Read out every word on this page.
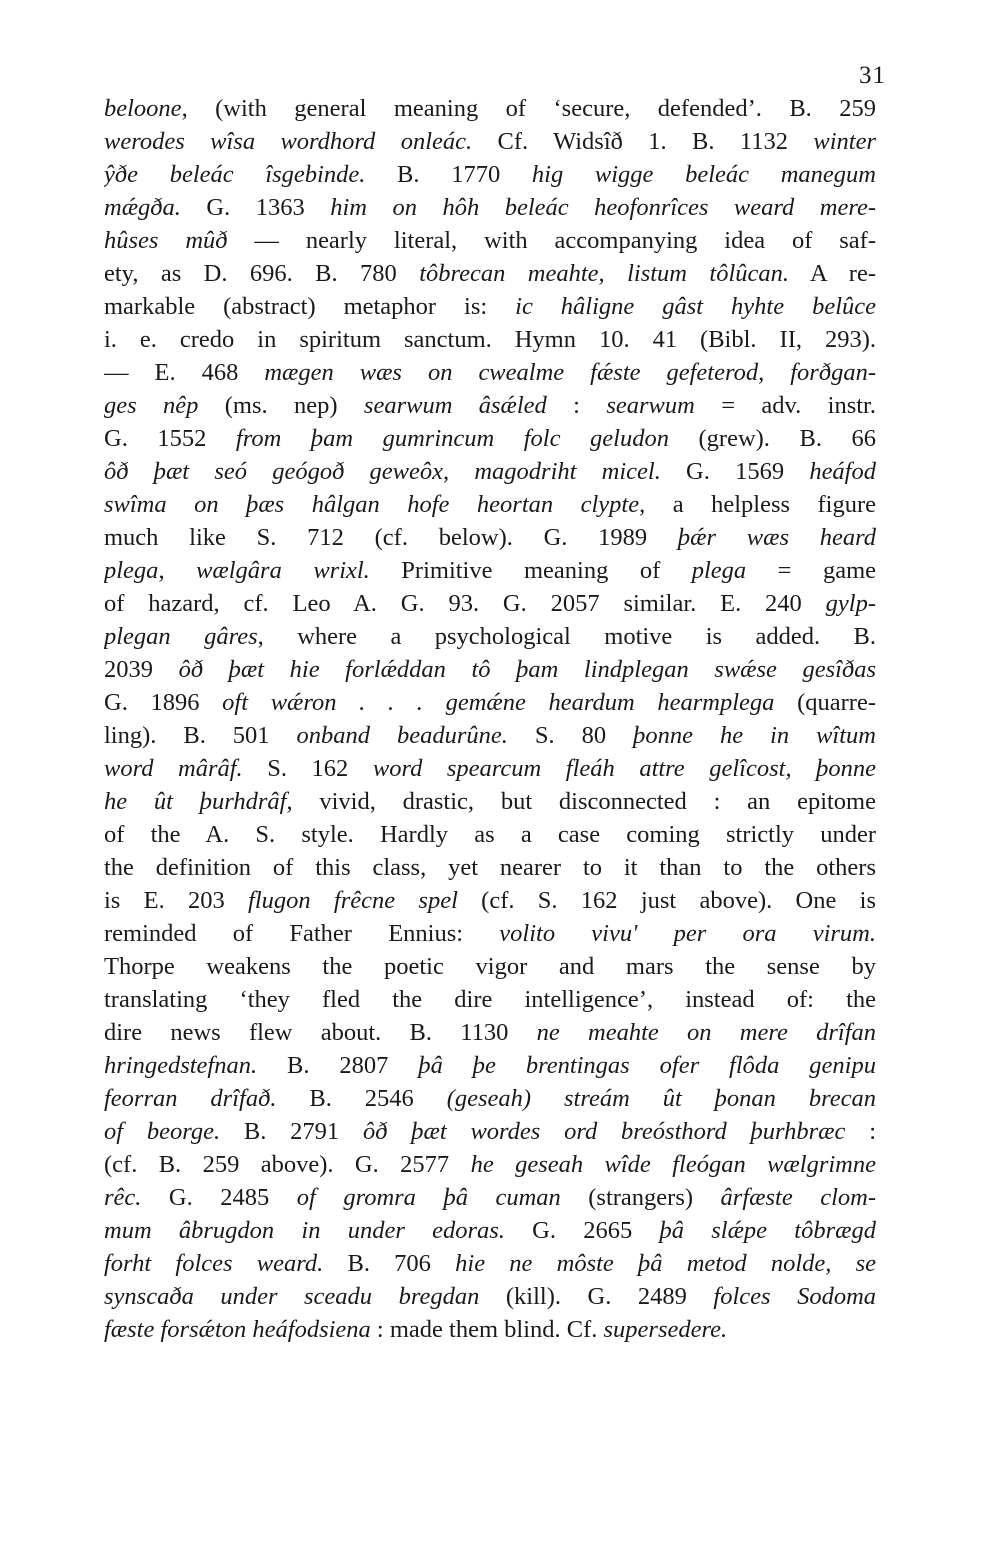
31
beloone, (with general meaning of ‘secure, defended’. B. 259
werodes wîsa wordhord onleác. Cf. Widsîð 1. B. 1132 winter
ŷðe beleác îsgebinde. B. 1770 hig wigge beleác manegum
mǽgða. G. 1363 him on hôh beleác heofonrîces weard mere-
hûses mûð — nearly literal, with accompanying idea of saf-
ety, as D. 696. B. 780 tôbrecan meahte, listum tôlûcan. A re-
markable (abstract) metaphor is: ic hâligne gâst hyhte belûce
i. e. credo in spiritum sanctum. Hymn 10. 41 (Bibl. II, 293).
— E. 468 mægen wæs on cwealme fǽste gefeterod, forðgan-
ges nêp (ms. nep) searwum âsǽled : searwum = adv. instr.
G. 1552 from þam gumrincum folc geludon (grew). B. 66
ôð þæt seó geógoð geweôx, magodriht micel. G. 1569 heáfod
swîma on þæs hâlgan hofe heortan clypte, a helpless figure
much like S. 712 (cf. below). G. 1989 þǽr wæs heard
plega, wælgâra wrixl. Primitive meaning of plega = game
of hazard, cf. Leo A. G. 93. G. 2057 similar. E. 240 gylp-
plegan gâres, where a psychological motive is added. B.
2039 ôð þæt hie forlǽddan tô þam lindplegan swǽse gesîðas
G. 1896 oft wǽron . . . gemǽne heardum hearmplega (quarre-
ling). B. 501 onband beadurûne. S. 80 þonne he in wîtum
word mârâf. S. 162 word spearcum fleáh attre gelîcost, þonne
he ût þurhdrâf, vivid, drastic, but disconnected : an epitome
of the A. S. style. Hardly as a case coming strictly under
the definition of this class, yet nearer to it than to the others
is E. 203 flugon frêcne spel (cf. S. 162 just above). One is
reminded of Father Ennius: volito vivu' per ora virum.
Thorpe weakens the poetic vigor and mars the sense by
translating ‘they fled the dire intelligence’, instead of: the
dire news flew about. B. 1130 ne meahte on mere drîfan
hringedstefnan. B. 2807 þâ þe brentingas ofer flôda genipu
feorran drîfað. B. 2546 (geseah) streám ût þonan brecan
of beorge. B. 2791 ôð þæt wordes ord breósthord þurhbræc :
(cf. B. 259 above). G. 2577 he geseah wîde fleógan wælgrimne
rêc. G. 2485 of gromra þâ cuman (strangers) ârfæste clom-
mum âbrugdon in under edoras. G. 2665 þâ slǽpe tôbrægd
forht folces weard. B. 706 hie ne môste þâ metod nolde, se
synscaða under sceadu bregdan (kill). G. 2489 folces Sodoma
fæste forsǽton heáfodsiena : made them blind. Cf. supersedere.
